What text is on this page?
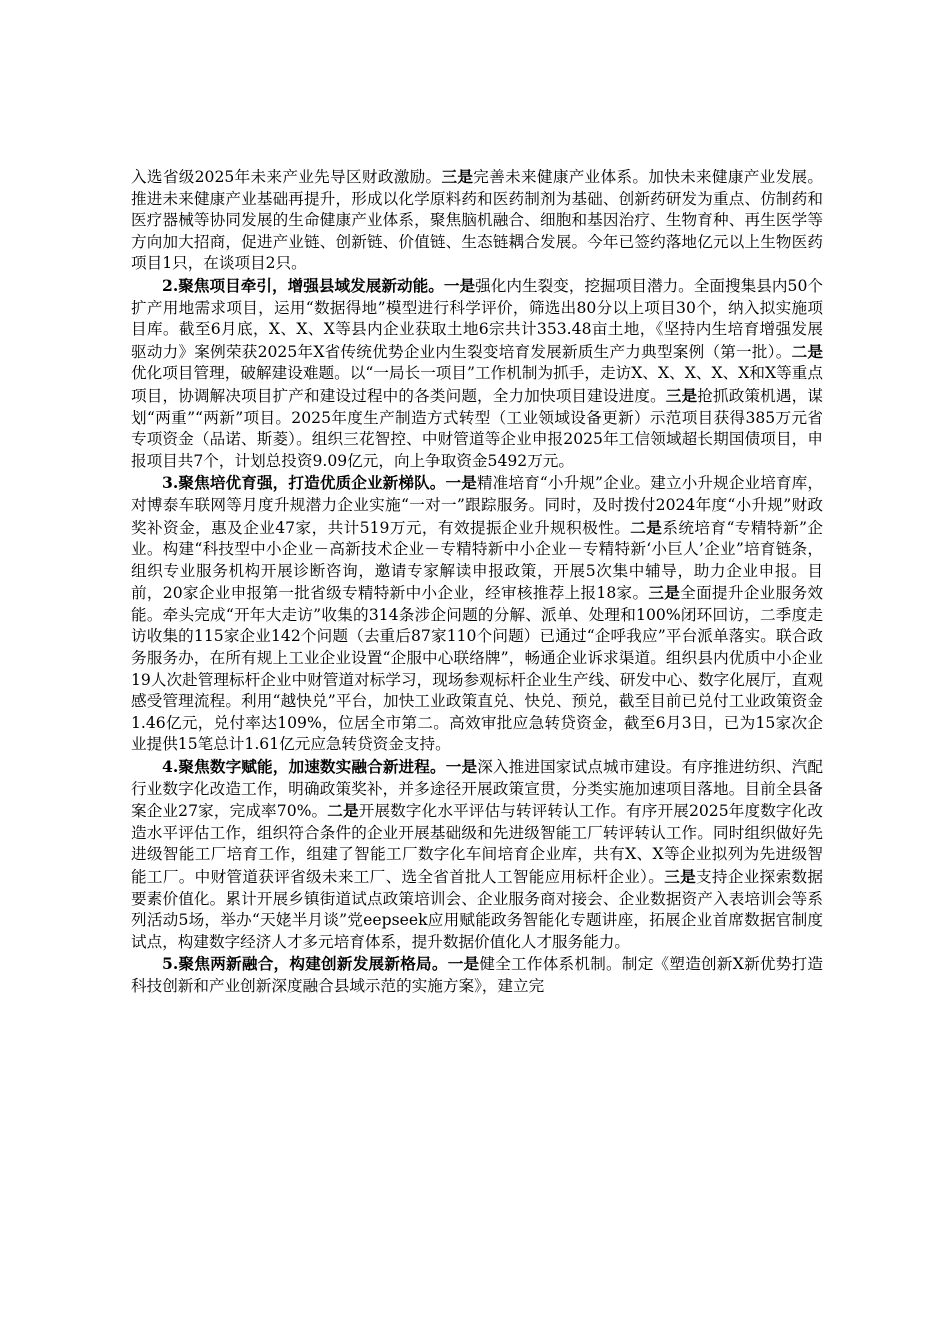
入选省级2025年未来产业先导区财政激励。三是完善未来健康产业体系。加快未来健康产业发展。推进未来健康产业基础再提升，形成以化学原料药和医药制剂为基础、创新药研发为重点、仿制药和医疗器械等协同发展的生命健康产业体系，聚焦脑机融合、细胞和基因治疗、生物育种、再生医学等方向加大招商，促进产业链、创新链、价值链、生态链耦合发展。今年已签约落地亿元以上生物医药项目1只，在谈项目2只。

2.聚焦项目牵引，增强县域发展新动能。一是强化内生裂变，挖掘项目潜力。全面搜集县内50个扩产用地需求项目，运用“数据得地”模型进行科学评价，筛选出80分以上项目30个，纳入拟实施项目库。截至6月底，X、X、X等县内企业获取土地6宗共计353.48亩土地，《坚持内生培育增强发展驱动力》案例荣获2025年X省传统优势企业内生裂变培育发展新质生产力典型案例（第一批）。二是优化项目管理，破解建设难题。以“一局长一项目”工作机制为抓手，走访X、X、X、X、X和X等重点项目，协调解决项目扩产和建设过程中的各类问题，全力加快项目建设进度。三是抢抓政策机遇，谋划“两重”“两新”项目。2025年度生产制造方式转型（工业领域设备更新）示范项目获得385万元省专项资金（品诺、斯菱）。组织三花智控、中财管道等企业申报2025年工信领域超长期国债项目，申报项目共7个，计划总投资9.09亿元，向上争取资金5492万元。

3.聚焦培优育强，打造优质企业新梯队。一是精准培育“小升规”企业。建立小升规企业培育库，对博泰车联网等月度升规潜力企业实施“一对一”跟踪服务。同时，及时拨付2024年度“小升规”财政奖补资金，惠及企业47家，共计519万元，有效提振企业升规积极性。二是系统培育“专精特新”企业。构建“科技型中小企业－高新技术企业－专精特新中小企业－专精特新‘小巨人’企业”培育链条，组织专业服务机构开展诊断咨询，邀请专家解读申报政策，开展5次集中辅导，助力企业申报。目前，20家企业申报第一批省级专精特新中小企业，经审核推荐上报18家。三是全面提升企业服务效能。牵头完成“开年大走访”收集的314条涉企问题的分解、派单、处理和100%闭环回访，二季度走访收集的115家企业142个问题（去重后87家110个问题）已通过“企呼我应”平台派单落实。联合政务服务办，在所有规上工业企业设置“企服中心联络牌”，畅通企业诉求渠道。组织县内优质中小企业19人次赴管理标杆企业中财管道对标学习，现场参观标杆企业生产线、研发中心、数字化展厅，直观感受管理流程。利用“越快兑”平台，加快工业政策直兑、快兑、预兑，截至目前已兑付工业政策资金1.46亿元，兑付率达109%，位居全市第二。高效审批应急转贷资金，截至6月3日，已为15家次企业提供15笔总计1.61亿元应急转贷资金支持。

4.聚焦数字赋能，加速数实融合新进程。一是深入推进国家试点城市建设。有序推进纺织、汽配行业数字化改造工作，明确政策奖补，并多途径开展政策宣贯，分类实施加速项目落地。目前全县备案企业27家，完成率70%。二是开展数字化水平评估与转评转认工作。有序开展2025年度数字化改造水平评估工作，组织符合条件的企业开展基础级和先进级智能工厂转评转认工作。同时组织做好先进级智能工厂培育工作，组建了智能工厂数字化车间培育企业库，共有X、X等企业拟列为先进级智能工厂。中财管道获评省级未来工厂、选全省首批人工智能应用标杆企业）。三是支持企业探索数据要素价值化。累计开展乡镇街道试点政策培训会、企业服务商对接会、企业数据资产入表培训会等系列活动5场，举办“天姥半月谈”党eepseek应用赋能政务智能化专题讲座，拓展企业首席数据官制度试点，构建数字经济人才多元培育体系，提升数据价值化人才服务能力。

5.聚焦两新融合，构建创新发展新格局。一是健全工作体系机制。制定《塑造创新X新优势打造科技创新和产业创新深度融合县域示范的实施方案》，建立完
